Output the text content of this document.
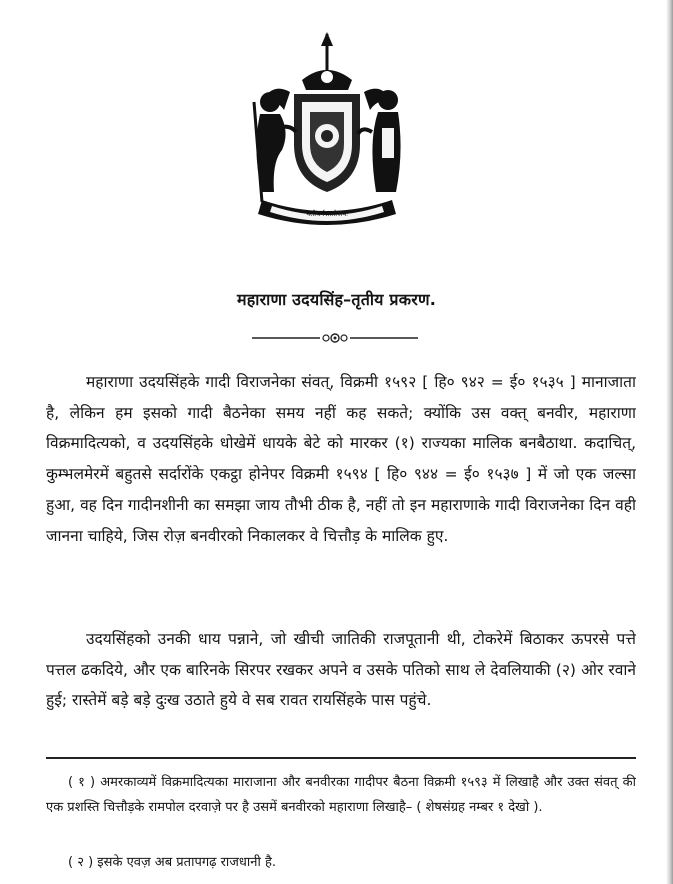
यतोधर्मस्ततोजयः
महाराणा उदयसिंह–तृतीय प्रकरण.

महाराणा उदयसिंहके गादी विराजनेका संवत्, विक्रमी १५९२ [ हि० ९४२ = ई० १५३५ ] मानाजाता है, लेकिन हम इसको गादी बैठनेका समय नहीं कह सकते; क्योंकि उस वक्त् बनवीर, महाराणा विक्रमादित्यको, व उदयसिंहके धोखेमें धायके बेटे को मारकर (१) राज्यका मालिक बनबैठाथा. कदाचित्, कुम्भलमेरमें बहुतसे सर्दारोंके एकट्ठा होनेपर विक्रमी १५९४ [ हि० ९४४ = ई० १५३७ ] में जो एक जल्सा हुआ, वह दिन गादीनशीनी का समझा जाय तौभी ठीक है, नहीं तो इन महाराणाके गादी विराजनेका दिन वही जानना चाहिये, जिस रोज़ बनवीरको निकालकर वे चित्तौड़ के मालिक हुए.

उदयसिंहको उनकी धाय पन्नाने, जो खीची जातिकी राजपूतानी थी, टोकरेमें बिठाकर ऊपरसे पत्ते पत्तल ढकदिये, और एक बारिनके सिरपर रखकर अपने व उसके पतिको साथ ले देवलियाकी (२) ओर रवाने हुई; रास्तेमें बड़े बड़े दुःख उठाते हुये वे सब रावत रायसिंहके पास पहुंचे.

( १ ) अमरकाव्यमें विक्रमादित्यका माराजाना और बनवीरका गादीपर बैठना विक्रमी १५९३ में लिखाहै और उक्त संवत् की एक प्रशस्ति चित्तौड़के रामपोल दरवाज़े पर है उसमें बनवीरको महाराणा लिखाहै– ( शेषसंग्रह नम्बर १ देखो ).

( २ ) इसके एवज़ अब प्रतापगढ़ राजधानी है.
